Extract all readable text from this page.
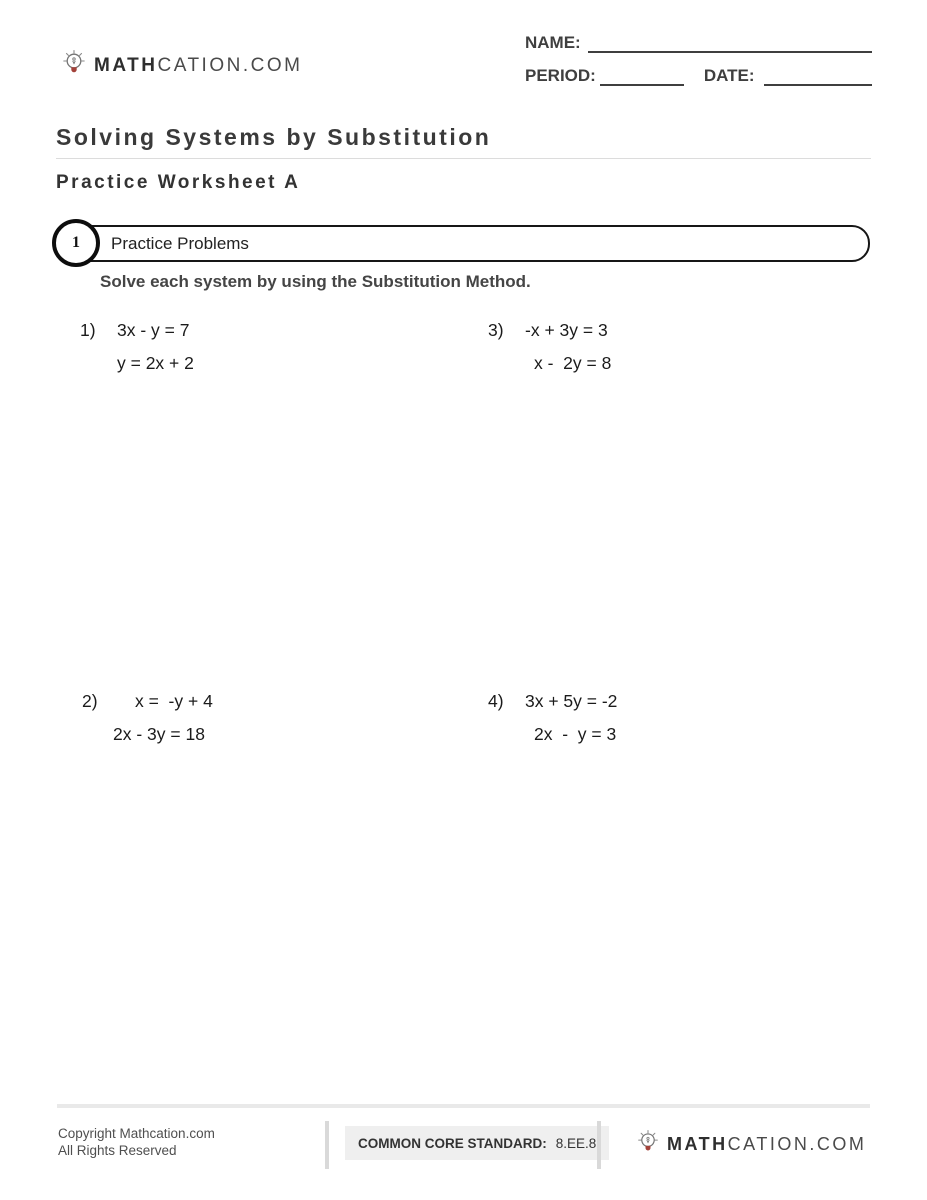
MATHCATION.COM
NAME:
PERIOD:	DATE:
Solving Systems by Substitution
Practice Worksheet A
Practice Problems
1
Solve each system by using the Substitution Method.
1)	3x - y = 7
y = 2x + 2
3)	-x + 3y = 3
x -  2y = 8
2)	x =  -y + 4
2x - 3y = 18
4)	3x + 5y = -2
2x  -  y = 3
Copyright Mathcation.com
All Rights Reserved	COMMON CORE STANDARD: 8.EE.8	MATHCATION.COM
